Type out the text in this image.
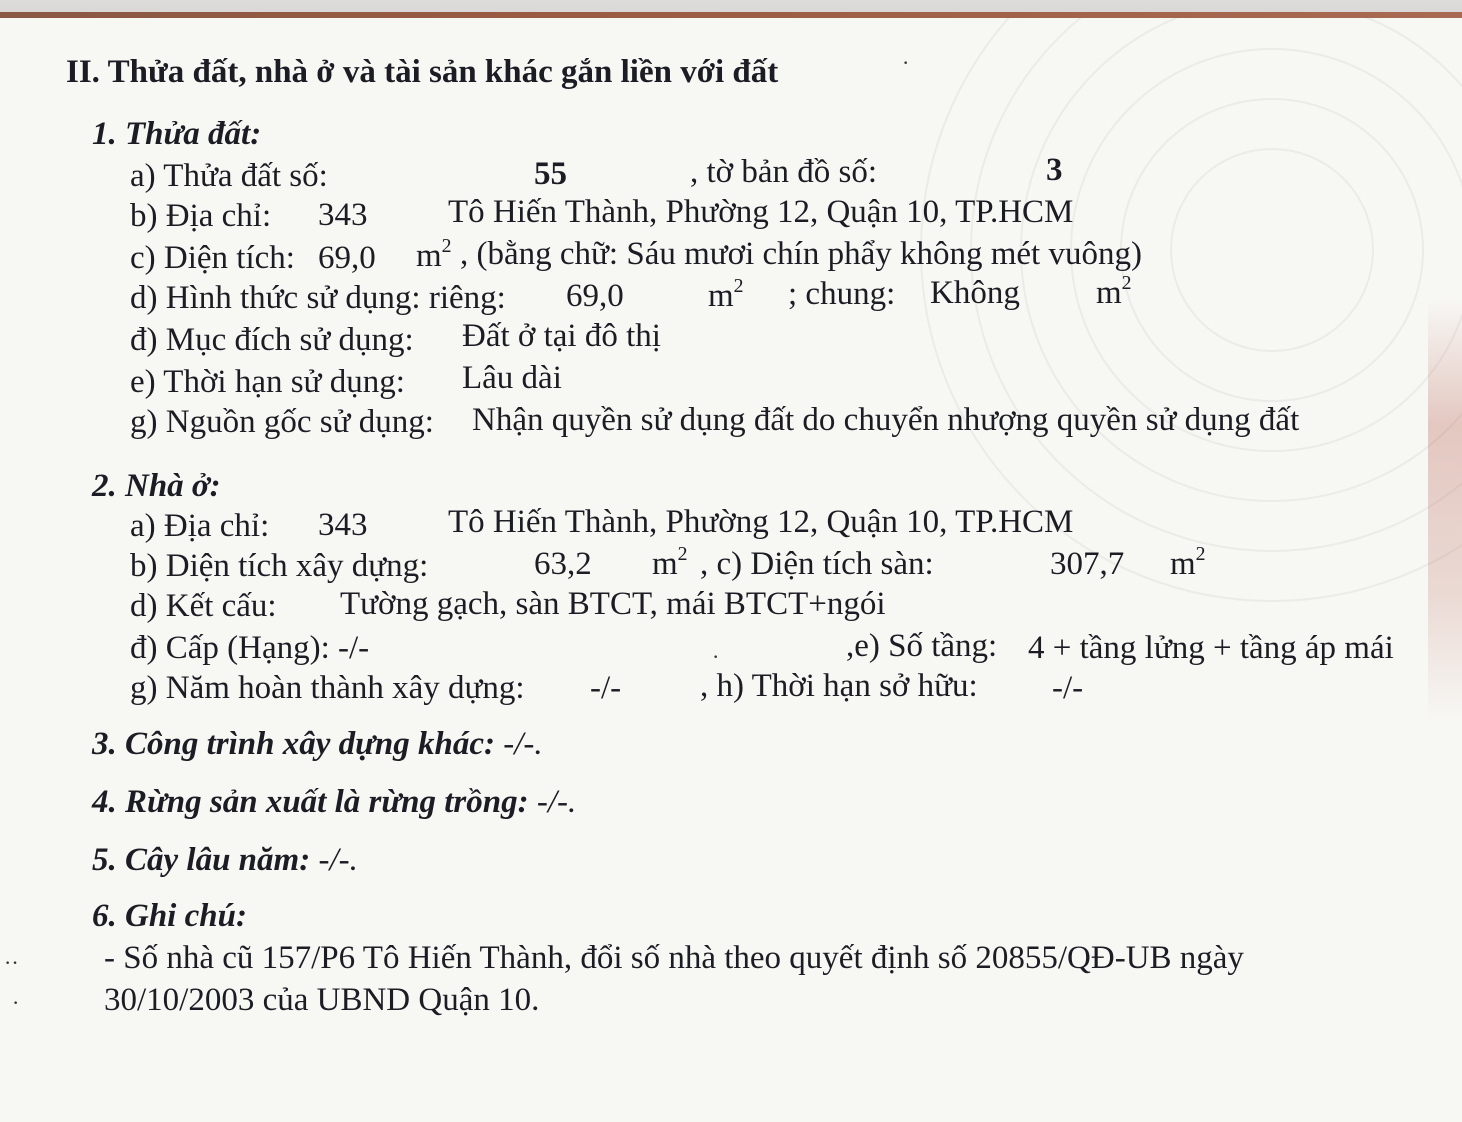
II. Thửa đất, nhà ở và tài sản khác gắn liền với đất	·
1. Thửa đất:
a) Thửa đất số:	55	, tờ bản đồ số:	3
b) Địa chỉ: 343 Tô Hiến Thành, Phường 12, Quận 10, TP.HCM
c) Diện tích: 69,0 $m^2$ , (bằng chữ: Sáu mươi chín phẩy không mét vuông)
d) Hình thức sử dụng: riêng: 69,0	$m^2$ ; chung: Không $m^2$
đ) Mục đích sử dụng: Đất ở tại đô thị
e) Thời hạn sử dụng: Lâu dài
g) Nguồn gốc sử dụng: Nhận quyền sử dụng đất do chuyển nhượng quyền sử dụng đất
2. Nhà ở:
a) Địa chỉ: 343 Tô Hiến Thành, Phường 12, Quận 10, TP.HCM
b) Diện tích xây dựng:	63,2 $m^2$ , c) Diện tích sàn:	307,7 $m^2$
d) Kết cấu: Tường gạch, sàn BTCT, mái BTCT+ngói
đ) Cấp (Hạng): -/-	·	,e) Số tầng: 4 + tầng lửng + tầng áp mái
g) Năm hoàn thành xây dựng: -/- , h) Thời hạn sở hữu: -/-
3. Công trình xây dựng khác: -/-.
4. Rừng sản xuất là rừng trồng: -/-.
5. Cây lâu năm: -/-.
6. Ghi chú:
··	- Số nhà cũ 157/P6 Tô Hiến Thành, đổi số nhà theo quyết định số 20855/QĐ-UB ngày
·	30/10/2003 của UBND Quận 10.
